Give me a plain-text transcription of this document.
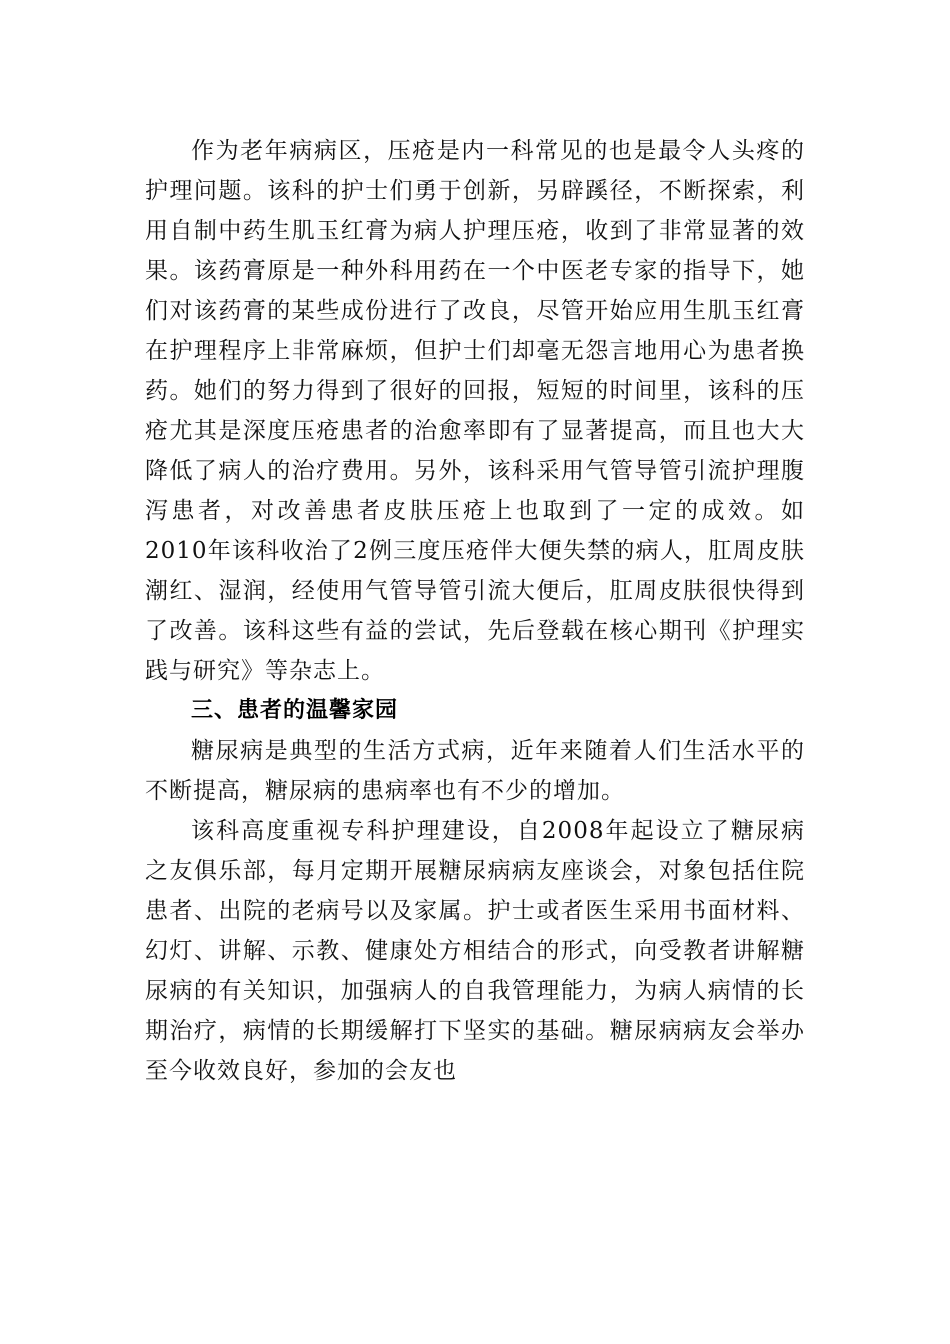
作为老年病病区，压疮是内一科常见的也是最令人头疼的护理问题。该科的护士们勇于创新，另辟蹊径，不断探索，利用自制中药生肌玉红膏为病人护理压疮，收到了非常显著的效果。该药膏原是一种外科用药在一个中医老专家的指导下，她们对该药膏的某些成份进行了改良，尽管开始应用生肌玉红膏在护理程序上非常麻烦，但护士们却毫无怨言地用心为患者换药。她们的努力得到了很好的回报，短短的时间里，该科的压疮尤其是深度压疮患者的治愈率即有了显著提高，而且也大大降低了病人的治疗费用。另外，该科采用气管导管引流护理腹泻患者，对改善患者皮肤压疮上也取到了一定的成效。如2010年该科收治了2例三度压疮伴大便失禁的病人，肛周皮肤潮红、湿润，经使用气管导管引流大便后，肛周皮肤很快得到了改善。该科这些有益的尝试，先后登载在核心期刊《护理实践与研究》等杂志上。

三、患者的温馨家园

糖尿病是典型的生活方式病，近年来随着人们生活水平的不断提高，糖尿病的患病率也有不少的增加。

该科高度重视专科护理建设，自2008年起设立了糖尿病之友俱乐部，每月定期开展糖尿病病友座谈会，对象包括住院患者、出院的老病号以及家属。护士或者医生采用书面材料、幻灯、讲解、示教、健康处方相结合的形式，向受教者讲解糖尿病的有关知识，加强病人的自我管理能力，为病人病情的长期治疗，病情的长期缓解打下坚实的基础。糖尿病病友会举办至今收效良好，参加的会友也
